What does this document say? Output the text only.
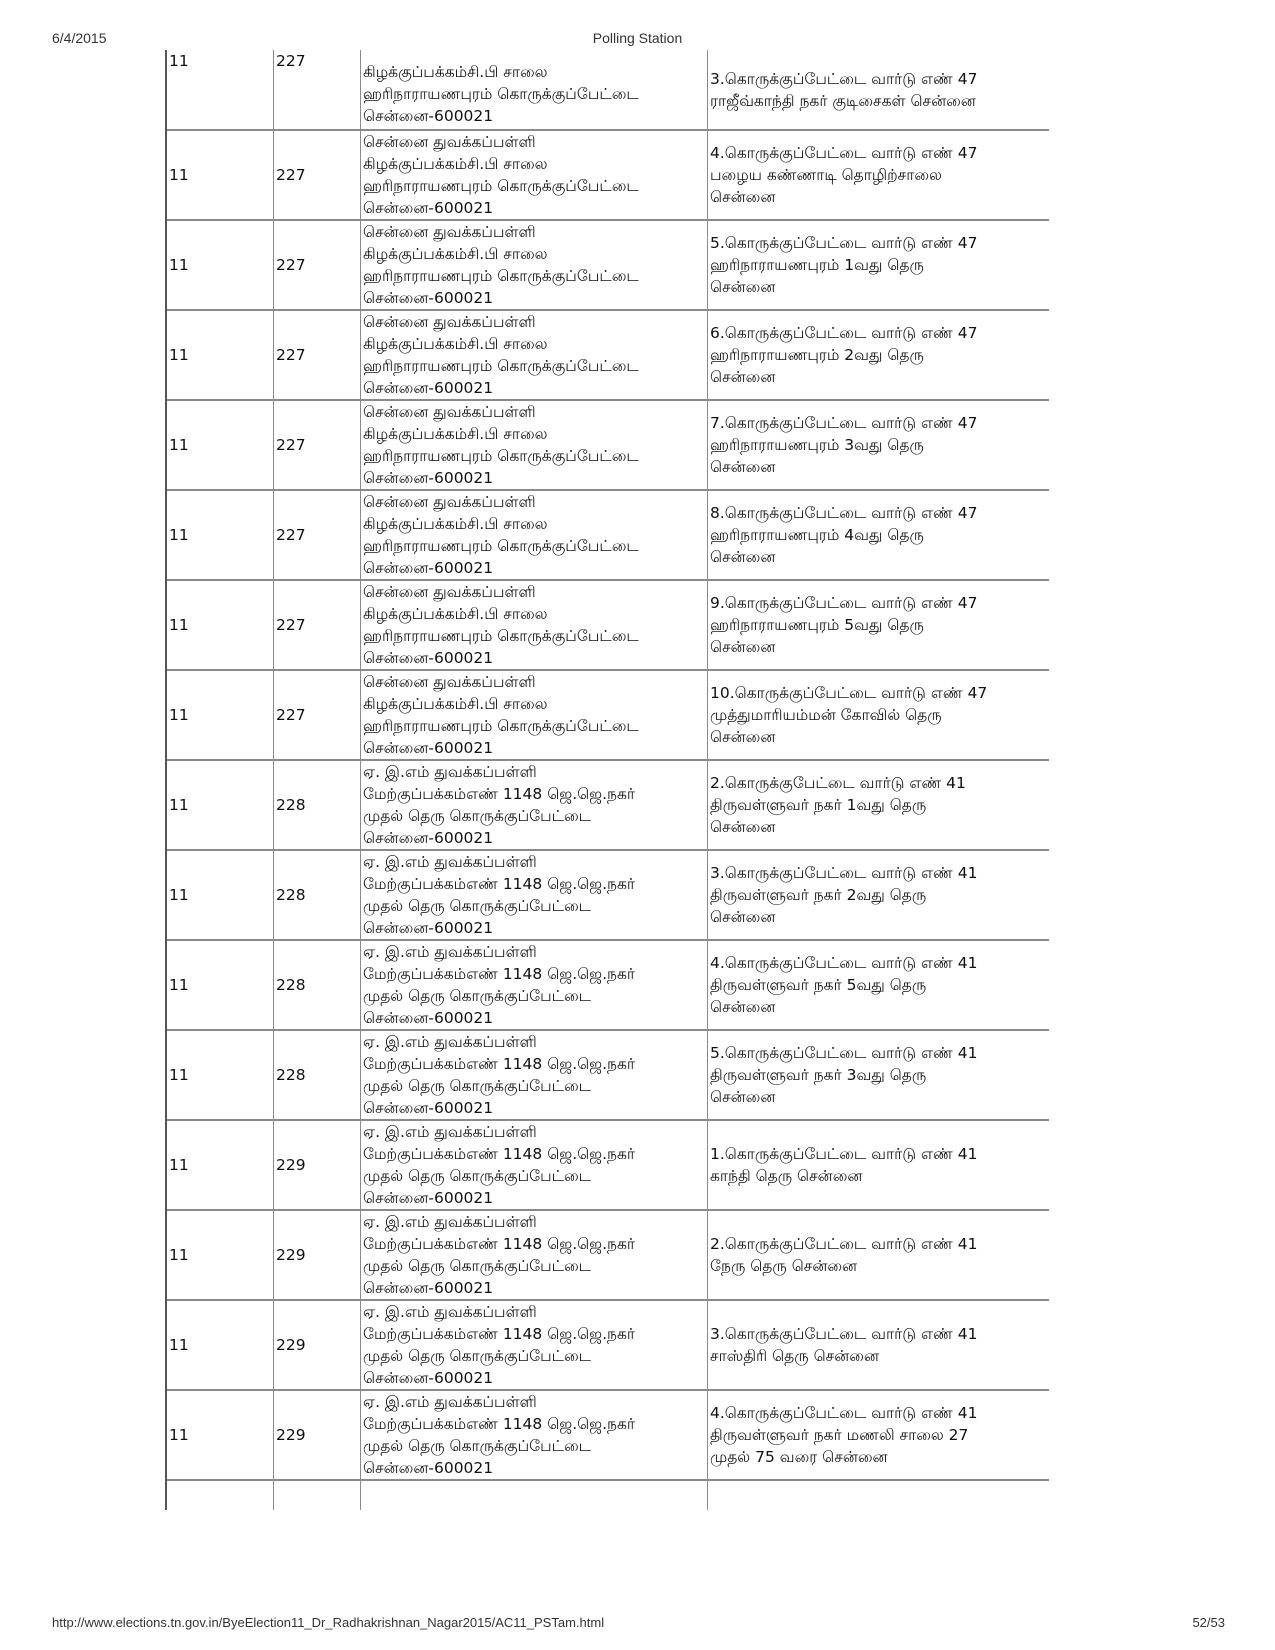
6/4/2015	Polling Station
11	227	கிழக்குப்பக்கம்சி.பி சாலை
ஹரிநாராயணபுரம் கொருக்குப்பேட்டை
சென்னை-600021	3.கொருக்குப்பேட்டை வார்டு எண் 47
ராஜீவ்காந்தி நகர் குடிசைகள் சென்னை

11	227	சென்னை துவக்கப்பள்ளி
கிழக்குப்பக்கம்சி.பி சாலை
ஹரிநாராயணபுரம் கொருக்குப்பேட்டை
சென்னை-600021	4.கொருக்குப்பேட்டை வார்டு எண் 47
பழைய கண்ணாடி தொழிற்சாலை
சென்னை

11	227	சென்னை துவக்கப்பள்ளி
கிழக்குப்பக்கம்சி.பி சாலை
ஹரிநாராயணபுரம் கொருக்குப்பேட்டை
சென்னை-600021	5.கொருக்குப்பேட்டை வார்டு எண் 47
ஹரிநாராயணபுரம் 1வது தெரு
சென்னை

11	227	சென்னை துவக்கப்பள்ளி
கிழக்குப்பக்கம்சி.பி சாலை
ஹரிநாராயணபுரம் கொருக்குப்பேட்டை
சென்னை-600021	6.கொருக்குப்பேட்டை வார்டு எண் 47
ஹரிநாராயணபுரம் 2வது தெரு
சென்னை

11	227	சென்னை துவக்கப்பள்ளி
கிழக்குப்பக்கம்சி.பி சாலை
ஹரிநாராயணபுரம் கொருக்குப்பேட்டை
சென்னை-600021	7.கொருக்குப்பேட்டை வார்டு எண் 47
ஹரிநாராயணபுரம் 3வது தெரு
சென்னை

11	227	சென்னை துவக்கப்பள்ளி
கிழக்குப்பக்கம்சி.பி சாலை
ஹரிநாராயணபுரம் கொருக்குப்பேட்டை
சென்னை-600021	8.கொருக்குப்பேட்டை வார்டு எண் 47
ஹரிநாராயணபுரம் 4வது தெரு
சென்னை

11	227	சென்னை துவக்கப்பள்ளி
கிழக்குப்பக்கம்சி.பி சாலை
ஹரிநாராயணபுரம் கொருக்குப்பேட்டை
சென்னை-600021	9.கொருக்குப்பேட்டை வார்டு எண் 47
ஹரிநாராயணபுரம் 5வது தெரு
சென்னை

11	227	சென்னை துவக்கப்பள்ளி
கிழக்குப்பக்கம்சி.பி சாலை
ஹரிநாராயணபுரம் கொருக்குப்பேட்டை
சென்னை-600021	10.கொருக்குப்பேட்டை வார்டு எண் 47
முத்துமாரியம்மன் கோவில் தெரு
சென்னை

11	228	ஏ. இ.எம் துவக்கப்பள்ளி
மேற்குப்பக்கம்எண் 1148 ஜெ.ஜெ.நகர்
முதல் தெரு கொருக்குப்பேட்டை
சென்னை-600021	2.கொருக்குபேட்டை வார்டு எண் 41
திருவள்ளுவர் நகர் 1வது தெரு
சென்னை

11	228	ஏ. இ.எம் துவக்கப்பள்ளி
மேற்குப்பக்கம்எண் 1148 ஜெ.ஜெ.நகர்
முதல் தெரு கொருக்குப்பேட்டை
சென்னை-600021	3.கொருக்குப்பேட்டை வார்டு எண் 41
திருவள்ளுவர் நகர் 2வது தெரு
சென்னை

11	228	ஏ. இ.எம் துவக்கப்பள்ளி
மேற்குப்பக்கம்எண் 1148 ஜெ.ஜெ.நகர்
முதல் தெரு கொருக்குப்பேட்டை
சென்னை-600021	4.கொருக்குப்பேட்டை வார்டு எண் 41
திருவள்ளுவர் நகர் 5வது தெரு
சென்னை

11	228	ஏ. இ.எம் துவக்கப்பள்ளி
மேற்குப்பக்கம்எண் 1148 ஜெ.ஜெ.நகர்
முதல் தெரு கொருக்குப்பேட்டை
சென்னை-600021	5.கொருக்குப்பேட்டை வார்டு எண் 41
திருவள்ளுவர் நகர் 3வது தெரு
சென்னை

11	229	ஏ. இ.எம் துவக்கப்பள்ளி
மேற்குப்பக்கம்எண் 1148 ஜெ.ஜெ.நகர்
முதல் தெரு கொருக்குப்பேட்டை
சென்னை-600021	1.கொருக்குப்பேட்டை வார்டு எண் 41
காந்தி தெரு சென்னை

11	229	ஏ. இ.எம் துவக்கப்பள்ளி
மேற்குப்பக்கம்எண் 1148 ஜெ.ஜெ.நகர்
முதல் தெரு கொருக்குப்பேட்டை
சென்னை-600021	2.கொருக்குப்பேட்டை வார்டு எண் 41
நேரு தெரு சென்னை

11	229	ஏ. இ.எம் துவக்கப்பள்ளி
மேற்குப்பக்கம்எண் 1148 ஜெ.ஜெ.நகர்
முதல் தெரு கொருக்குப்பேட்டை
சென்னை-600021	3.கொருக்குப்பேட்டை வார்டு எண் 41
சாஸ்திரி தெரு சென்னை

11	229	ஏ. இ.எம் துவக்கப்பள்ளி
மேற்குப்பக்கம்எண் 1148 ஜெ.ஜெ.நகர்
முதல் தெரு கொருக்குப்பேட்டை
சென்னை-600021	4.கொருக்குப்பேட்டை வார்டு எண் 41
திருவள்ளுவர் நகர் மணலி சாலை 27
முதல் 75 வரை சென்னை

http://www.elections.tn.gov.in/ByeElection11_Dr_Radhakrishnan_Nagar2015/AC11_PSTam.html	52/53
